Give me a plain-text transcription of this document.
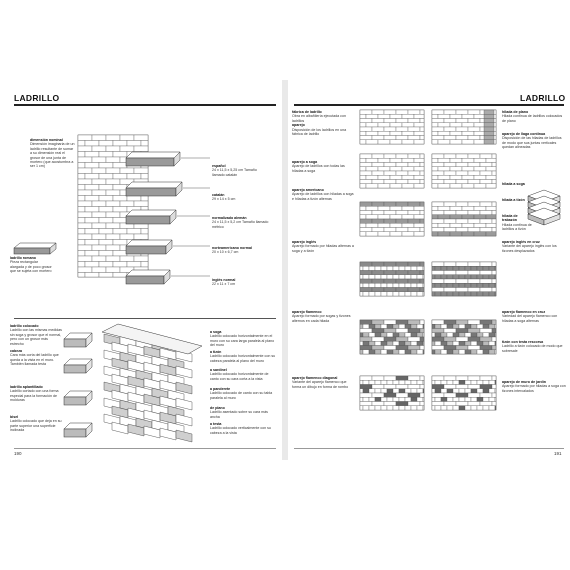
LADRILLO
dimensión nominal
Dimensión imaginaria de un ladrillo resultante de sumar a su dimensión real el grosor de una junta de mortero (que acostumbra a ser 1 cm)
ladrillo romano
Pieza rectangular alargada y de poco grosor que se sujeta con mortero
español
24 x 11,5 x 5,25 cm Tamaño llamado catalán
catalán
29 x 14 x 5 cm
normalizado alemán
24 x 11,5 x 5,2 cm Tamaño llamado métrico
norteamericano normal
20 x 10 x 6,7 cm
inglés normal
22 x 11 x 7 cm
ladrillo colocado
Ladrillo con las mismas medidas sin soga y grosor que el normal, pero con un grosor más estrecho
cabeza
Cara más corta del ladrillo que queda a la vista en el muro. También llamada testa
ladrillo aplantillado
Ladrillo cortado con una forma especial para la formación de molduras
bisel
Ladrillo colocado que deja en su parte superior una superficie inclinada
a soga
Ladrillo colocado horizontalmente en el muro con su cara larga paralela al plano del muro
a tizón
Ladrillo colocado horizontalmente con su cabeza paralela al plano del muro
a sardinel
Ladrillo colocado horizontalmente de canto con su cara corta a la vista
a panderete
Ladrillo colocado de canto con su tabla paralela al muro
de plano
Ladrillo asentado sobre su cara más ancha
a testa
Ladrillo colocado verticalmente con su cabeza a la vista
190
LADRILLO
fábrica de ladrillo
Obra en albañilería ejecutada con ladrillos
aparejo
Disposición de los ladrillos en una fábrica de ladrillo
aparejo a soga
Aparejo de ladrillos con todas las hiladas a soga
aparejo americano
Aparejo de ladrillos con hiladas a soga e hiladas a tizón alternas
aparejo inglés
Aparejo formado por hiladas alternas a soga y a tizón
aparejo flamenco
Aparejo formado por sogas y tizones alternos en cada hilada
aparejo flamenco diagonal
Variante del aparejo flamenco que forma un dibujo en forma de rombo
hilada de plano
Hilada continua de ladrillos colocados de plano
aparejo de llaga continua
Disposición de las hiladas de ladrillos de modo que sus juntas verticales quedan alineadas
hilada a soga
hilada a tizón
hilada de trabazón
Hilada continua de ladrillos a tizón
aparejo inglés en cruz
Variante del aparejo inglés con los tizones desplazados
aparejo flamenco en cruz
Variedad del aparejo flamenco con hiladas a soga alternas
tizón con testa rescorsa
Ladrillo a tizón colocado de modo que sobresale
aparejo de muro de jardín
Aparejo formado por hiladas a soga con tizones intercalados
191
